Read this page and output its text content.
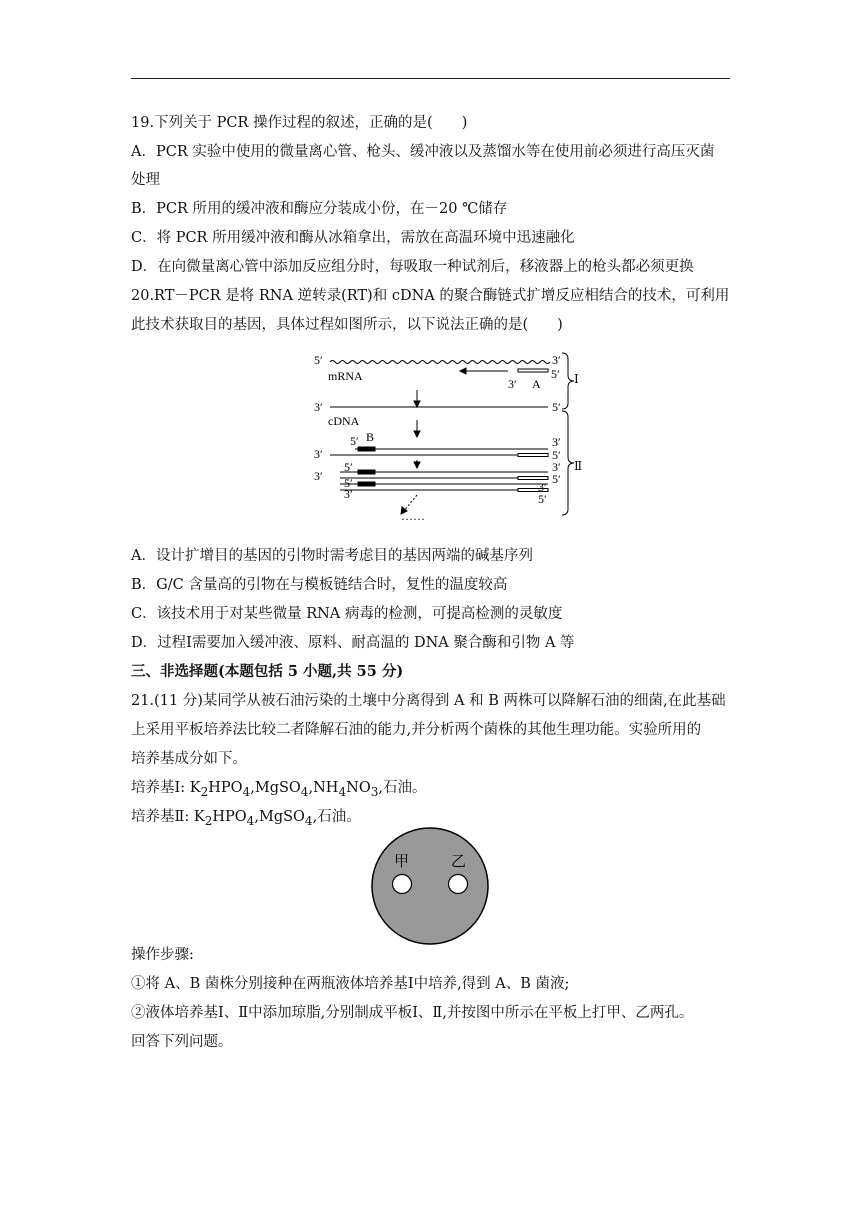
19.下列关于 PCR 操作过程的叙述，正确的是(　　)
A．PCR 实验中使用的微量离心管、枪头、缓冲液以及蒸馏水等在使用前必须进行高压灭菌
处理
B．PCR 所用的缓冲液和酶应分装成小份，在－20 ℃储存
C．将 PCR 所用缓冲液和酶从冰箱拿出，需放在高温环境中迅速融化
D．在向微量离心管中添加反应组分时，每吸取一种试剂后，移液器上的枪头都必须更换
20.RT－PCR 是将 RNA 逆转录(RT)和 cDNA 的聚合酶链式扩增反应相结合的技术，可利用
此技术获取目的基因，具体过程如图所示，以下说法正确的是(　　)
5′	3′
mRNA
3′ A
5′ Ⅰ
3′	5′
cDNA
5′ B	3′
3′	5′
Ⅱ
5′
3′
3′
5′	5′
3′	3′
5′
……
A．设计扩增目的基因的引物时需考虑目的基因两端的碱基序列
B．G/C 含量高的引物在与模板链结合时，复性的温度较高
C．该技术用于对某些微量 RNA 病毒的检测，可提高检测的灵敏度
D．过程Ⅰ需要加入缓冲液、原料、耐高温的 DNA 聚合酶和引物 A 等
三、非选择题(本题包括 5 小题,共 55 分)
21.(11 分)某同学从被石油污染的土壤中分离得到 A 和 B 两株可以降解石油的细菌,在此基础
上采用平板培养法比较二者降解石油的能力,并分析两个菌株的其他生理功能。实验所用的
培养基成分如下。
培养基Ⅰ: $K_2HPO_4,MgSO_4,NH_4NO_3$,石油。
培养基Ⅱ: $K_2HPO_4,MgSO_4$,石油。
甲	乙
操作步骤:
①将 A、B 菌株分别接种在两瓶液体培养基Ⅰ中培养,得到 A、B 菌液;
②液体培养基Ⅰ、Ⅱ中添加琼脂,分别制成平板Ⅰ、Ⅱ,并按图中所示在平板上打甲、乙两孔。
回答下列问题。
